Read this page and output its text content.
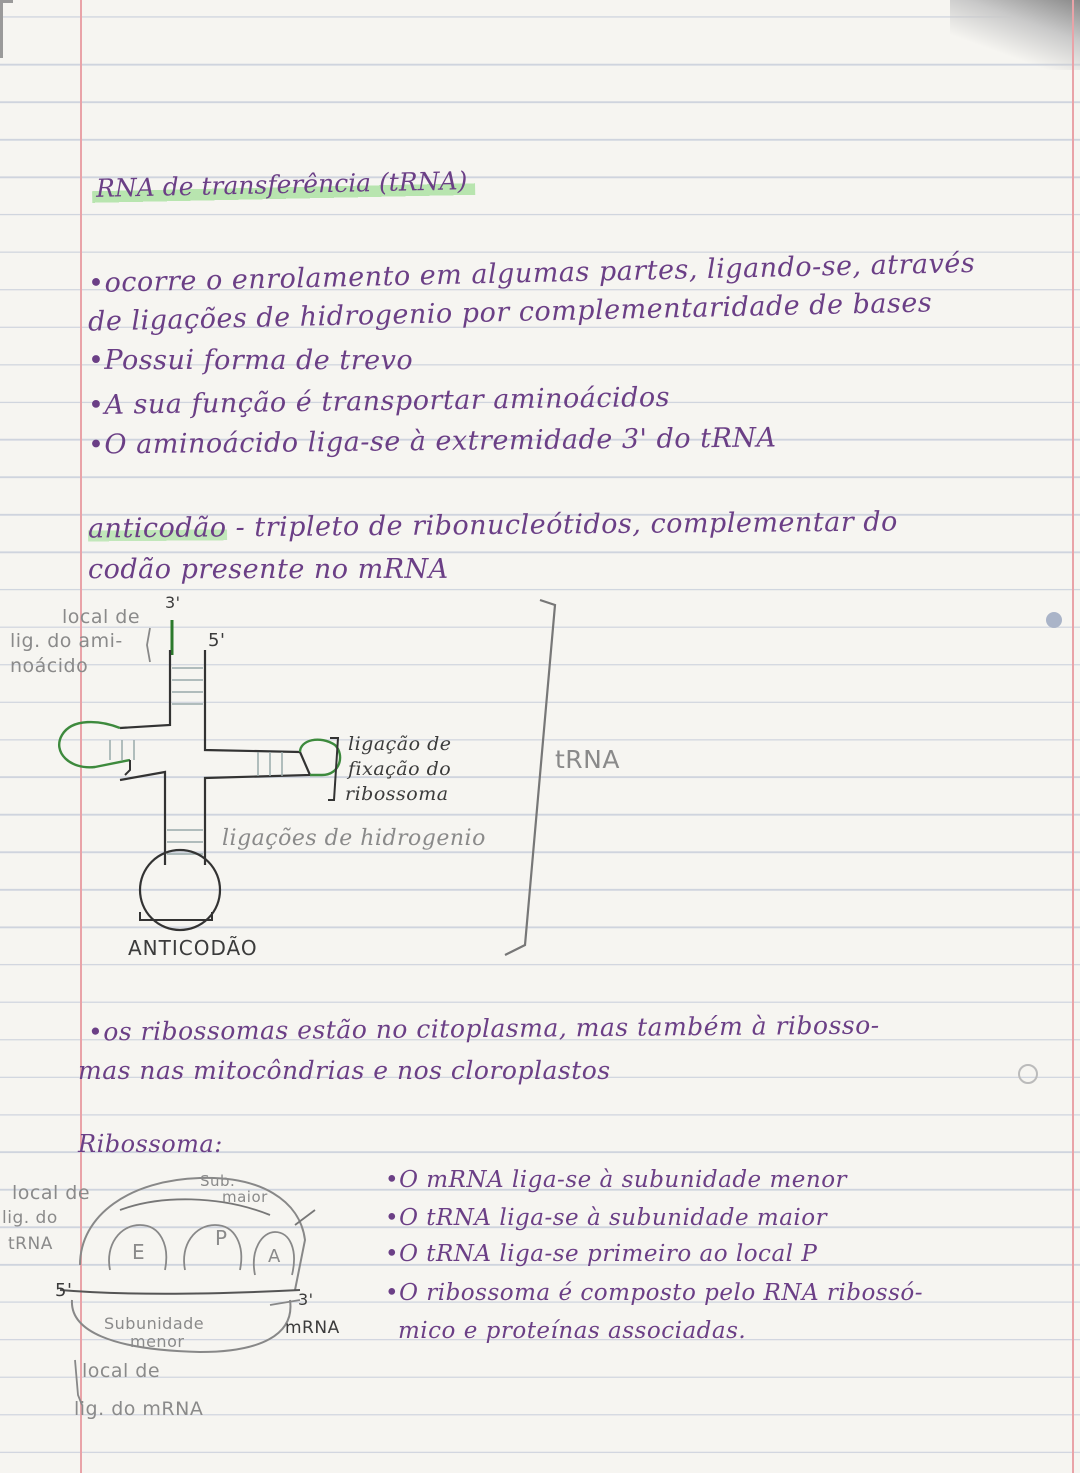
RNA de transferência (tRNA)
•ocorre o enrolamento em algumas partes, ligando-se, através
de ligações de hidrogenio por complementaridade de bases
•Possui forma de trevo
•A sua função é transportar aminoácidos
•O aminoácido liga-se à extremidade 3' do tRNA
anticodão - tripleto de ribonucleótidos, complementar do
codão presente no mRNA
3'
5'
local de
lig. do ami-
noácido
ligação de
fixação do
ribossoma
tRNA
ligações de hidrogenio
ANTICODÃO
•os ribossomas estão no citoplasma, mas também à ribosso-
mas nas mitocôndrias e nos cloroplastos
Ribossoma:
Sub.
maior
local de
lig. do
tRNA	E
P
A
5'	3'
mRNA
Subunidade
menor
local de
lig. do mRNA
•O mRNA liga-se à subunidade menor
•O tRNA liga-se à subunidade maior
•O tRNA liga-se primeiro ao local P
•O ribossoma é composto pelo RNA ribossó-
mico e proteínas associadas.
